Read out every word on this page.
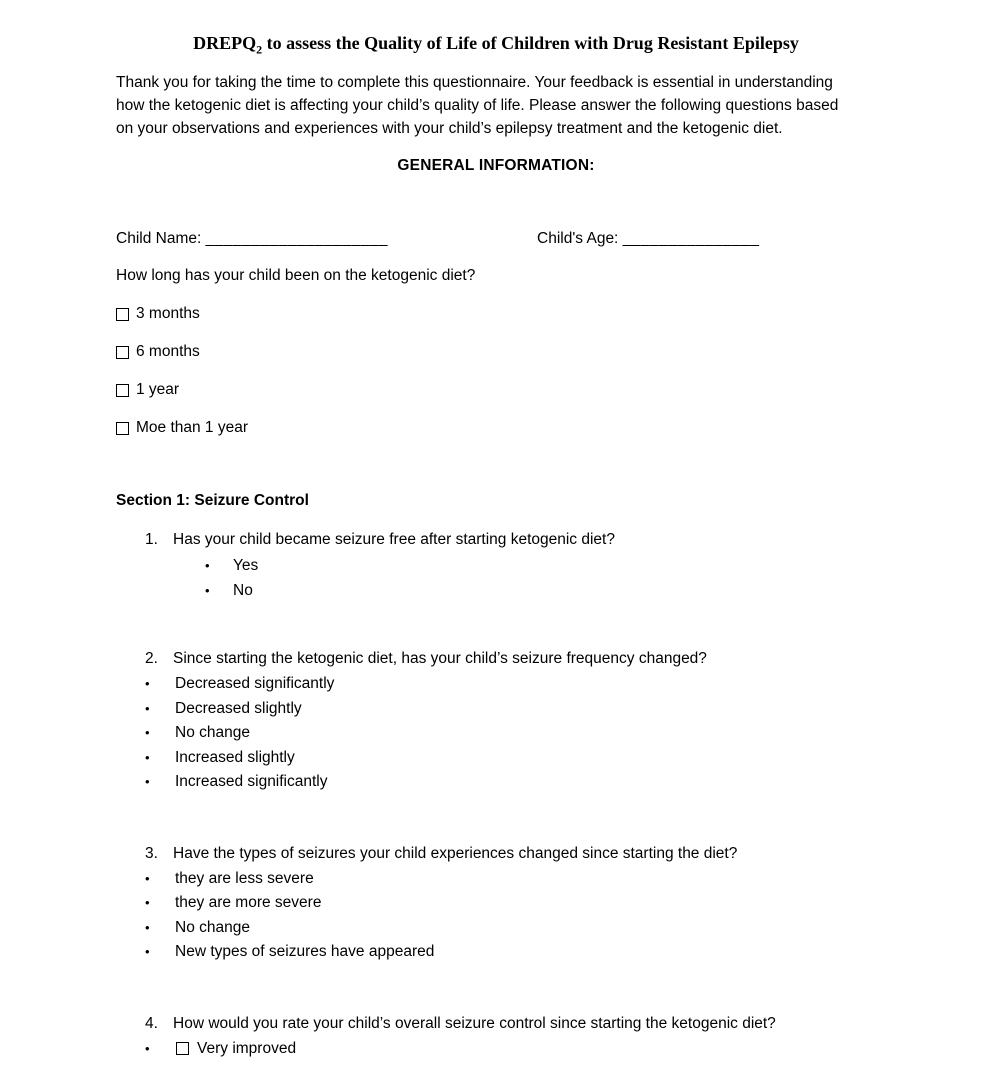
$DREPQ_2$ to assess the Quality of Life of Children with Drug Resistant Epilepsy
Thank you for taking the time to complete this questionnaire. Your feedback is essential in understanding
how the ketogenic diet is affecting your child’s quality of life. Please answer the following questions based
on your observations and experiences with your child’s epilepsy treatment and the ketogenic diet.
GENERAL INFORMATION:
Child Name: ____________________	Child's Age: _______________
How long has your child been on the ketogenic diet?
3 months
6 months
1 year
Moe than 1 year
Section 1: Seizure Control
1. Has your child became seizure free after starting ketogenic diet?
•	Yes
•	No
2. Since starting the ketogenic diet, has your child’s seizure frequency changed?
•	Decreased significantly
•	Decreased slightly
•	No change
•	Increased slightly
•	Increased significantly
3. Have the types of seizures your child experiences changed since starting the diet?
•	they are less severe
•	they are more severe
•	No change
•	New types of seizures have appeared
4. How would you rate your child’s overall seizure control since starting the ketogenic diet?
•	Very improved
